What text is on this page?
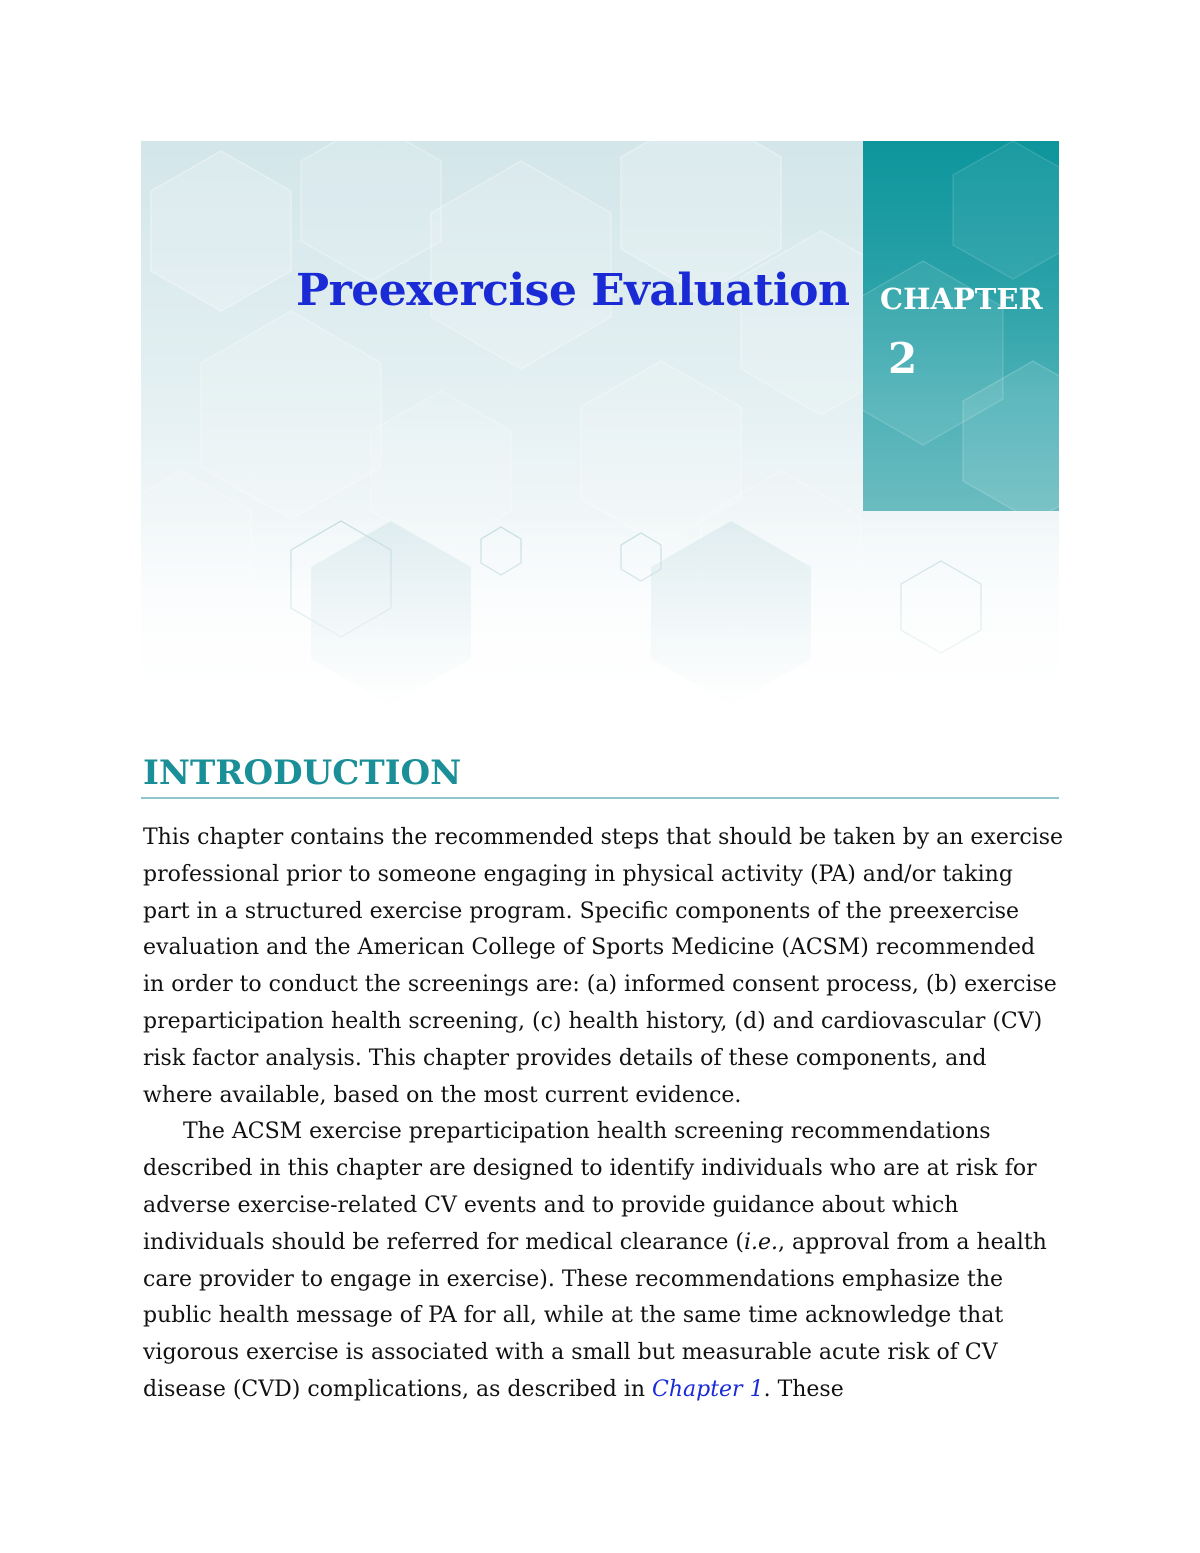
Preexercise Evaluation CHAPTER
2
INTRODUCTION
This chapter contains the recommended steps that should be taken by an exercise
professional prior to someone engaging in physical activity (PA) and/or taking
part in a structured exercise program. Specific components of the preexercise
evaluation and the American College of Sports Medicine (ACSM) recommended
in order to conduct the screenings are: (a) informed consent process, (b) exercise
preparticipation health screening, (c) health history, (d) and cardiovascular (CV)
risk factor analysis. This chapter provides details of these components, and
where available, based on the most current evidence.
The ACSM exercise preparticipation health screening recommendations
described in this chapter are designed to identify individuals who are at risk for
adverse exercise-related CV events and to provide guidance about which
individuals should be referred for medical clearance (i.e., approval from a health
care provider to engage in exercise). These recommendations emphasize the
public health message of PA for all, while at the same time acknowledge that
vigorous exercise is associated with a small but measurable acute risk of CV
disease (CVD) complications, as described in Chapter 1. These
